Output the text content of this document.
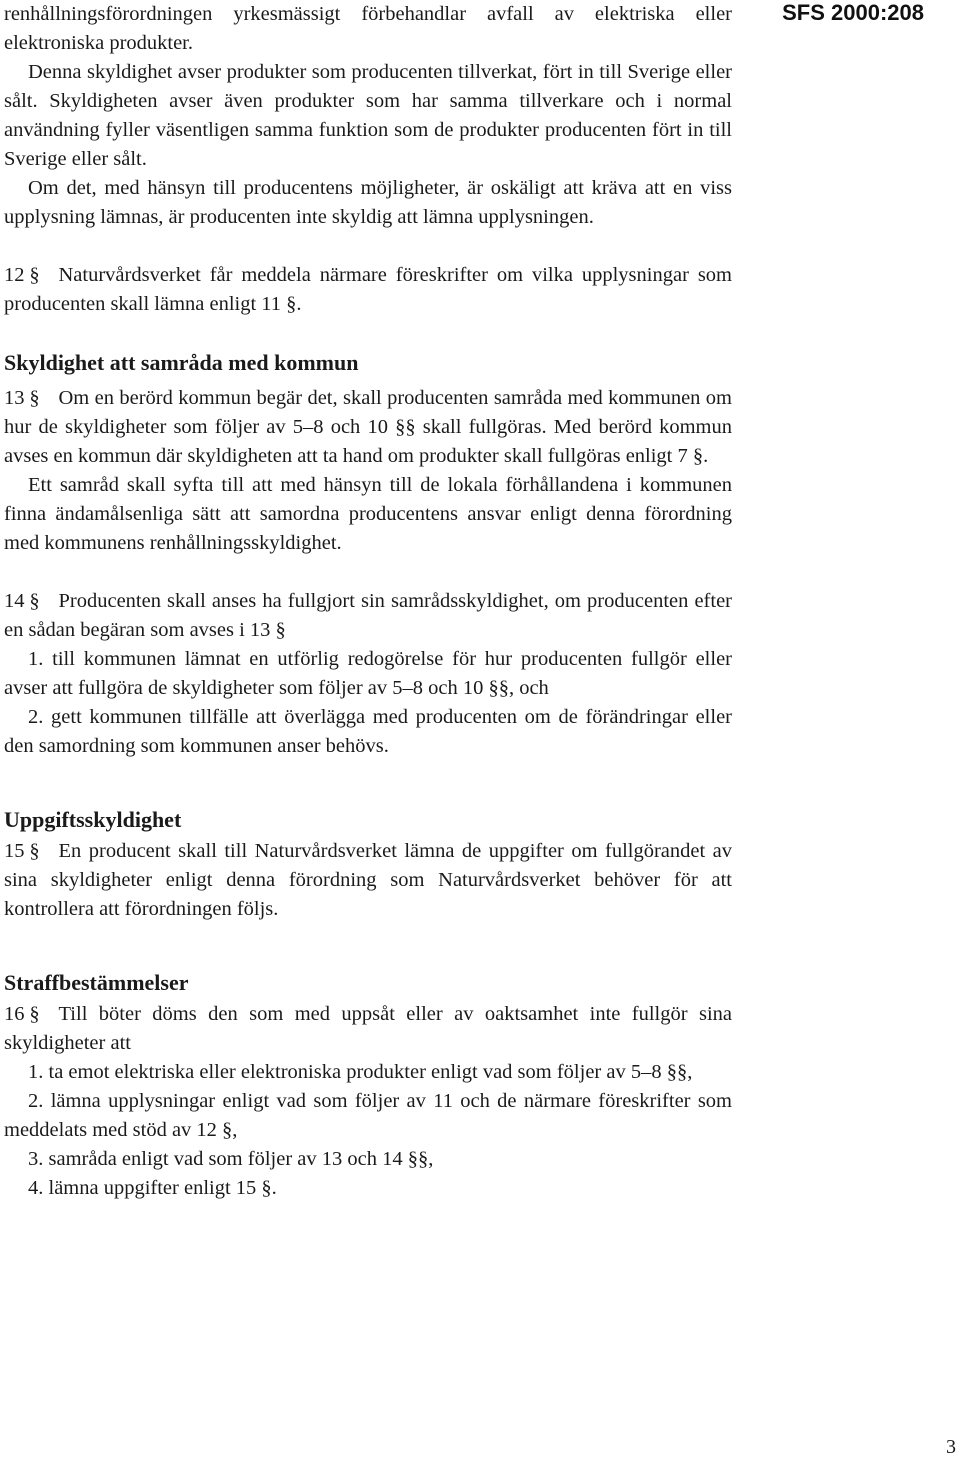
SFS 2000:208

renhållningsförordningen yrkesmässigt förbehandlar avfall av elektriska eller elektroniska produkter.

Denna skyldighet avser produkter som producenten tillverkat, fört in till Sverige eller sålt. Skyldigheten avser även produkter som har samma tillverkare och i normal användning fyller väsentligen samma funktion som de produkter producenten fört in till Sverige eller sålt.

Om det, med hänsyn till producentens möjligheter, är oskäligt att kräva att en viss upplysning lämnas, är producenten inte skyldig att lämna upplysningen.

12 § Naturvårdsverket får meddela närmare föreskrifter om vilka upplysningar som producenten skall lämna enligt 11 §.

Skyldighet att samråda med kommun

13 § Om en berörd kommun begär det, skall producenten samråda med kommunen om hur de skyldigheter som följer av 5–8 och 10 §§ skall fullgöras. Med berörd kommun avses en kommun där skyldigheten att ta hand om produkter skall fullgöras enligt 7 §.

Ett samråd skall syfta till att med hänsyn till de lokala förhållandena i kommunen finna ändamålsenliga sätt att samordna producentens ansvar enligt denna förordning med kommunens renhållningsskyldighet.

14 § Producenten skall anses ha fullgjort sin samrådsskyldighet, om producenten efter en sådan begäran som avses i 13 §

1. till kommunen lämnat en utförlig redogörelse för hur producenten fullgör eller avser att fullgöra de skyldigheter som följer av 5–8 och 10 §§, och

2. gett kommunen tillfälle att överlägga med producenten om de förändringar eller den samordning som kommunen anser behövs.

Uppgiftsskyldighet

15 § En producent skall till Naturvårdsverket lämna de uppgifter om fullgörandet av sina skyldigheter enligt denna förordning som Naturvårdsverket behöver för att kontrollera att förordningen följs.

Straffbestämmelser

16 § Till böter döms den som med uppsåt eller av oaktsamhet inte fullgör sina skyldigheter att

1. ta emot elektriska eller elektroniska produkter enligt vad som följer av 5–8 §§,

2. lämna upplysningar enligt vad som följer av 11 och de närmare föreskrifter som meddelats med stöd av 12 §,

3. samråda enligt vad som följer av 13 och 14 §§,

4. lämna uppgifter enligt 15 §.

3
